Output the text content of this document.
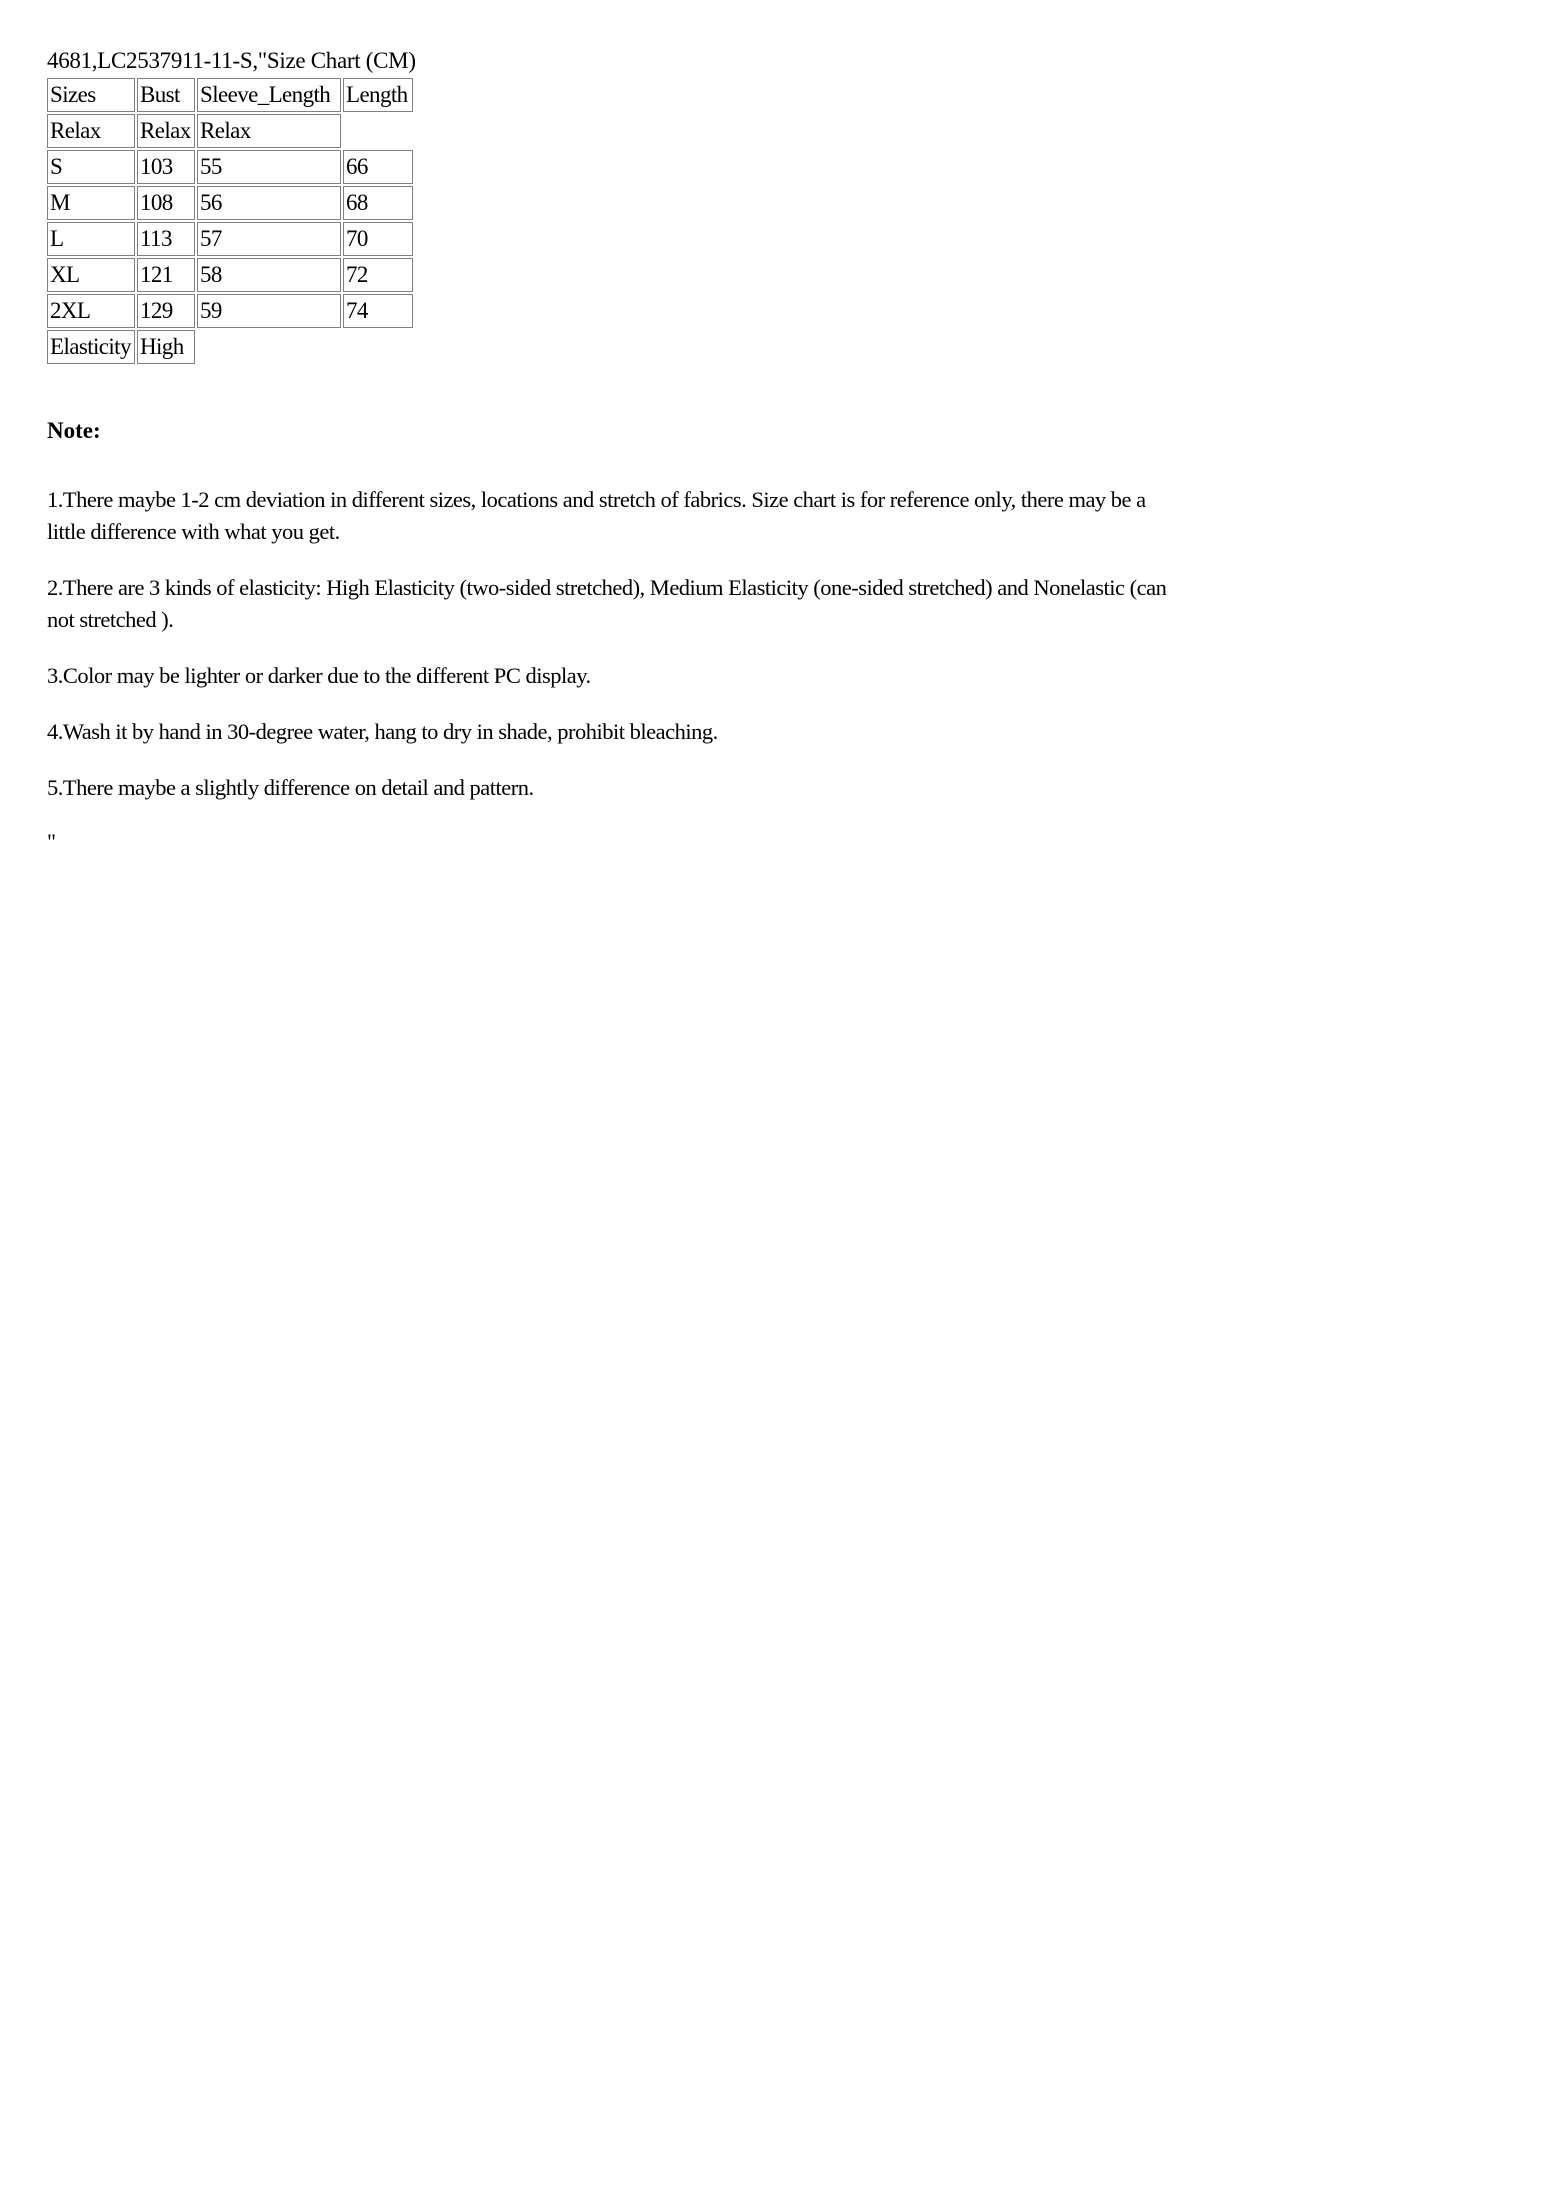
4681,LC2537911-11-S,"Size Chart (CM)
Sizes	Bust	Sleeve_Length	Length
Relax	Relax	Relax	
S	103	55	66
M	108	56	68
L	113	57	70
XL	121	58	72
2XL	129	59	74
Elasticity	High		
Note:

1.There maybe 1-2 cm deviation in different sizes, locations and stretch of fabrics. Size chart is for reference only, there may be a little difference with what you get.

2.There are 3 kinds of elasticity: High Elasticity (two-sided stretched), Medium Elasticity (one-sided stretched) and Nonelastic (can not stretched ).

3.Color may be lighter or darker due to the different PC display.

4.Wash it by hand in 30-degree water, hang to dry in shade, prohibit bleaching.

5.There maybe a slightly difference on detail and pattern.

"
